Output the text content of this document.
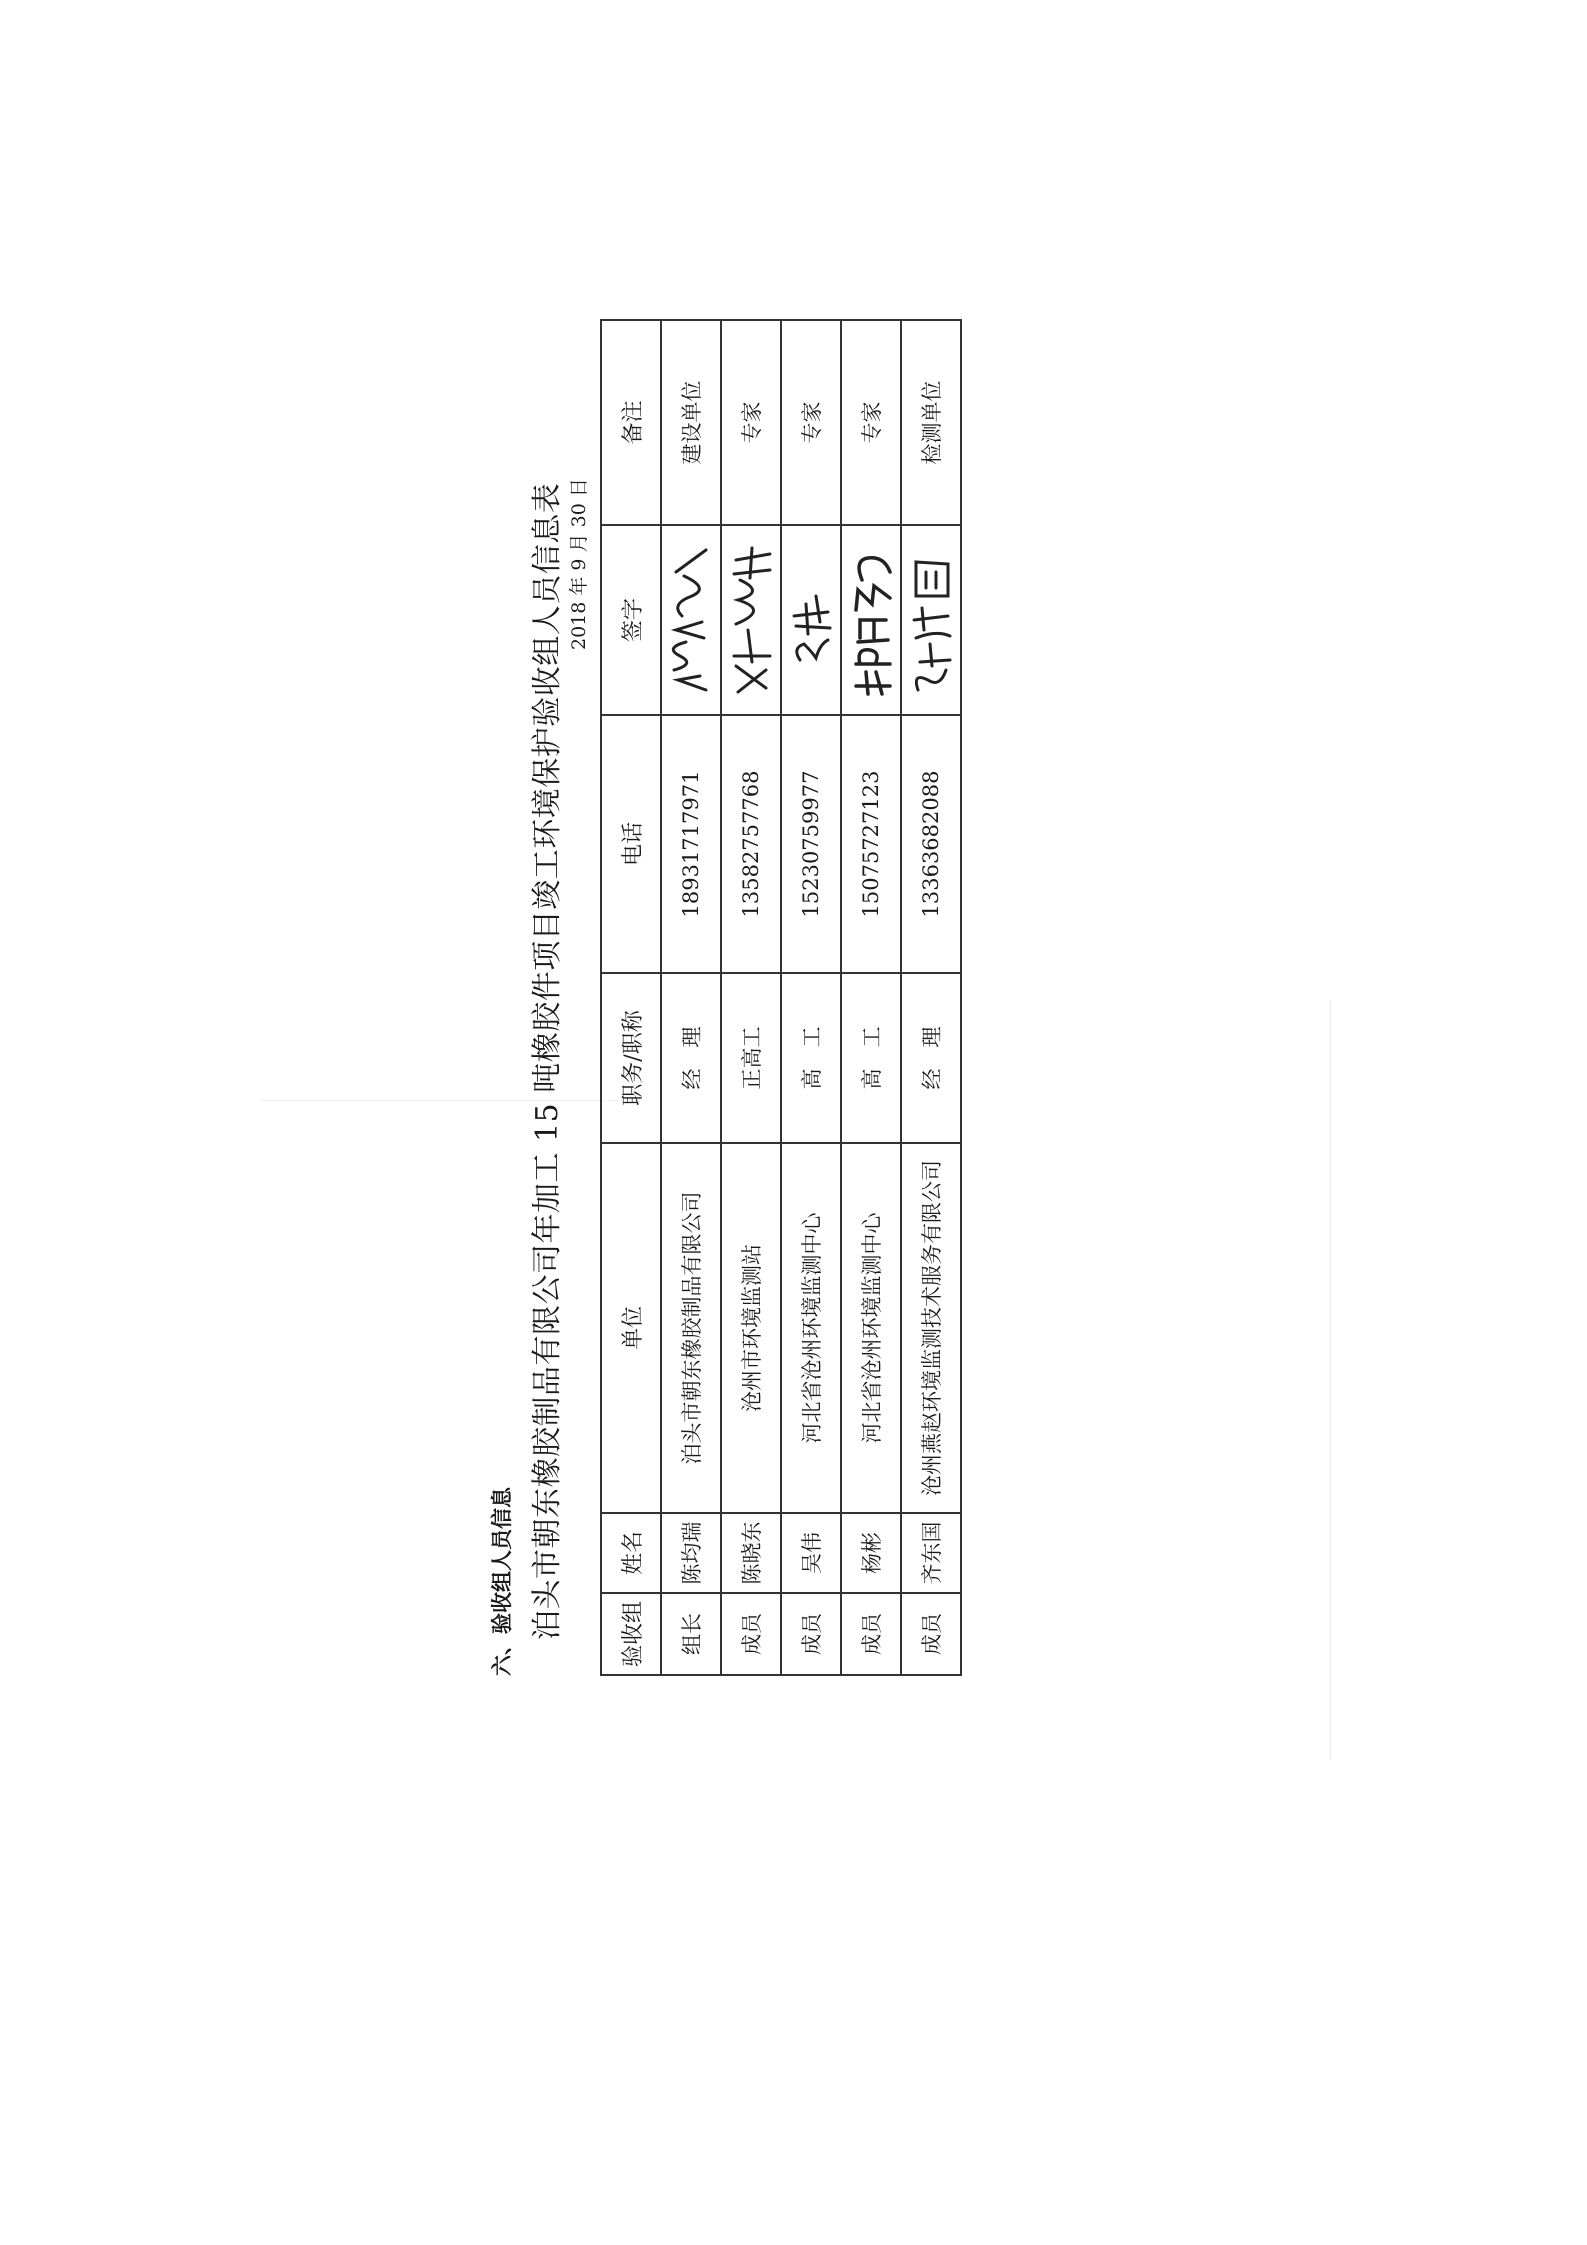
六、验收组人员信息 泊头市朝东橡胶制品有限公司年加工 15 吨橡胶件项目竣工环境保护验收组人员信息表 2018 年 9 月 30 日
验收组	姓名	单位	职务/职称	电话	签字	备注
组长	陈均瑞	泊头市朝东橡胶制品有限公司	经　理	18931717971		建设单位
成员	陈晓东	沧州市环境监测站	正高工	13582757768		专家
成员	吴伟	河北省沧州环境监测中心	高　工	15230759977		专家
成员	杨彬	河北省沧州环境监测中心	高　工	15075727123		专家
成员	齐东国	沧州燕赵环境监测技术服务有限公司	经　理	13363682088		检测单位
